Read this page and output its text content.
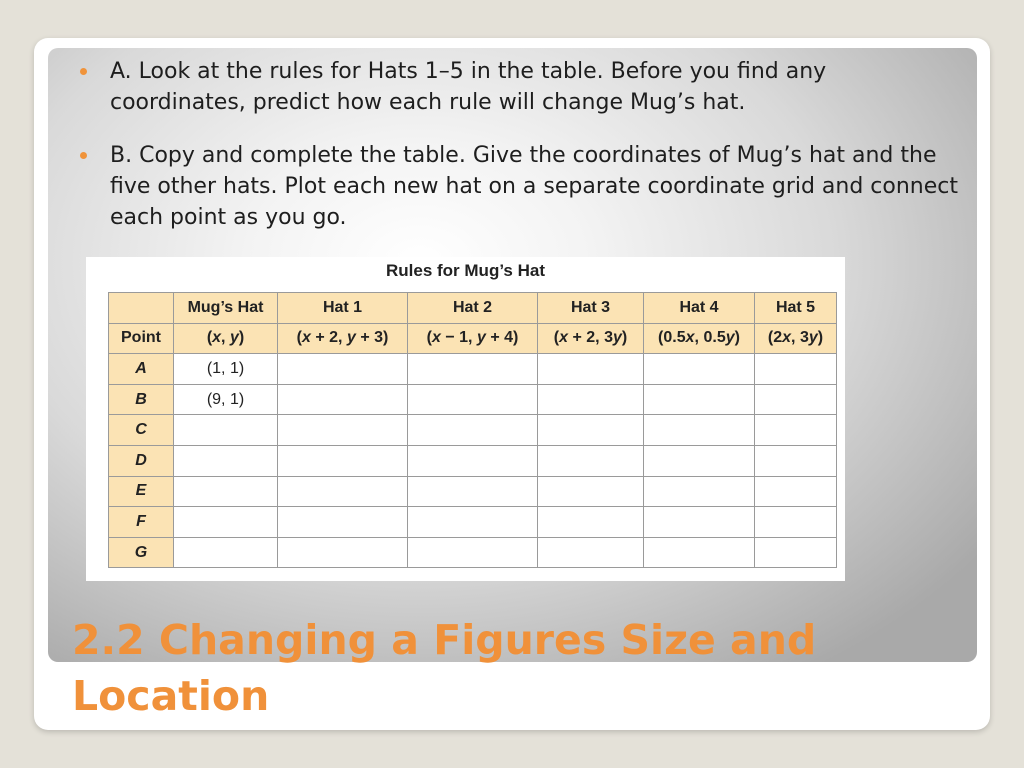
A. Look at the rules for Hats 1–5 in the table. Before you find any coordinates, predict how each rule will change Mug’s hat.
B. Copy and complete the table. Give the coordinates of Mug’s hat and the five other hats. Plot each new hat on a separate coordinate grid and connect each point as you go.
Rules for Mug’s Hat
	Mug’s Hat	Hat 1	Hat 2	Hat 3	Hat 4	Hat 5
Point	(x, y)	(x + 2, y + 3)	(x − 1, y + 4)	(x + 2, 3y)	(0.5x, 0.5y)	(2x, 3y)
A	(1, 1)					
B	(9, 1)					
C						
D						
E						
F						
G						
2.2 Changing a Figures Size and Location
